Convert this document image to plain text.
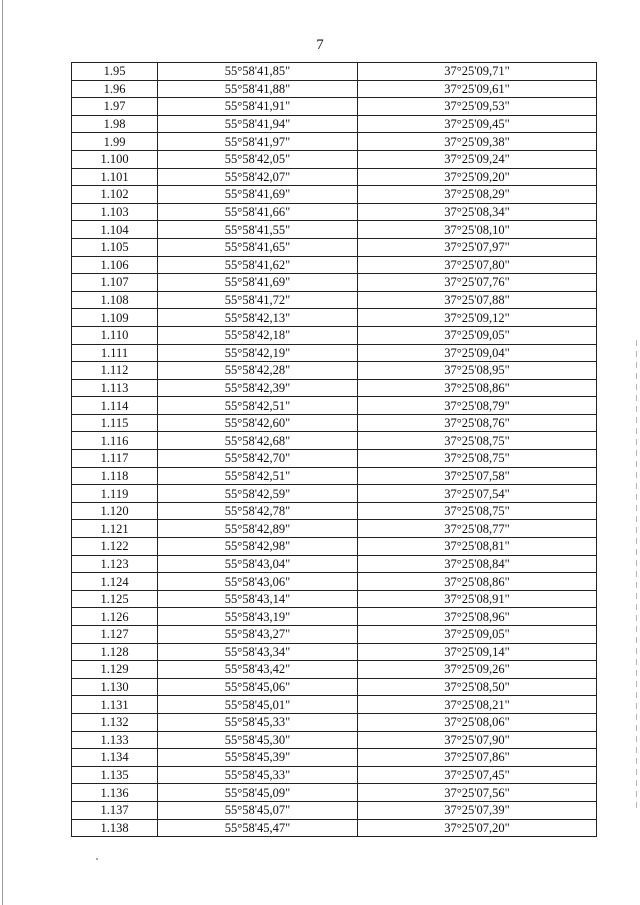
7
1.95	55°58'41,85"	37°25'09,71"
1.96	55°58'41,88"	37°25'09,61"
1.97	55°58'41,91"	37°25'09,53"
1.98	55°58'41,94"	37°25'09,45"
1.99	55°58'41,97"	37°25'09,38"
1.100	55°58'42,05"	37°25'09,24"
1.101	55°58'42,07"	37°25'09,20"
1.102	55°58'41,69"	37°25'08,29"
1.103	55°58'41,66"	37°25'08,34"
1.104	55°58'41,55"	37°25'08,10"
1.105	55°58'41,65"	37°25'07,97"
1.106	55°58'41,62"	37°25'07,80"
1.107	55°58'41,69"	37°25'07,76"
1.108	55°58'41,72"	37°25'07,88"
1.109	55°58'42,13"	37°25'09,12"
1.110	55°58'42,18"	37°25'09,05"
1.111	55°58'42,19"	37°25'09,04"
1.112	55°58'42,28"	37°25'08,95"
1.113	55°58'42,39"	37°25'08,86"
1.114	55°58'42,51"	37°25'08,79"
1.115	55°58'42,60"	37°25'08,76"
1.116	55°58'42,68"	37°25'08,75"
1.117	55°58'42,70"	37°25'08,75"
1.118	55°58'42,51"	37°25'07,58"
1.119	55°58'42,59"	37°25'07,54"
1.120	55°58'42,78"	37°25'08,75"
1.121	55°58'42,89"	37°25'08,77"
1.122	55°58'42,98"	37°25'08,81"
1.123	55°58'43,04"	37°25'08,84"
1.124	55°58'43,06"	37°25'08,86"
1.125	55°58'43,14"	37°25'08,91"
1.126	55°58'43,19"	37°25'08,96"
1.127	55°58'43,27"	37°25'09,05"
1.128	55°58'43,34"	37°25'09,14"
1.129	55°58'43,42"	37°25'09,26"
1.130	55°58'45,06"	37°25'08,50"
1.131	55°58'45,01"	37°25'08,21"
1.132	55°58'45,33"	37°25'08,06"
1.133	55°58'45,30"	37°25'07,90"
1.134	55°58'45,39"	37°25'07,86"
1.135	55°58'45,33"	37°25'07,45"
1.136	55°58'45,09"	37°25'07,56"
1.137	55°58'45,07"	37°25'07,39"
1.138	55°58'45,47"	37°25'07,20"
